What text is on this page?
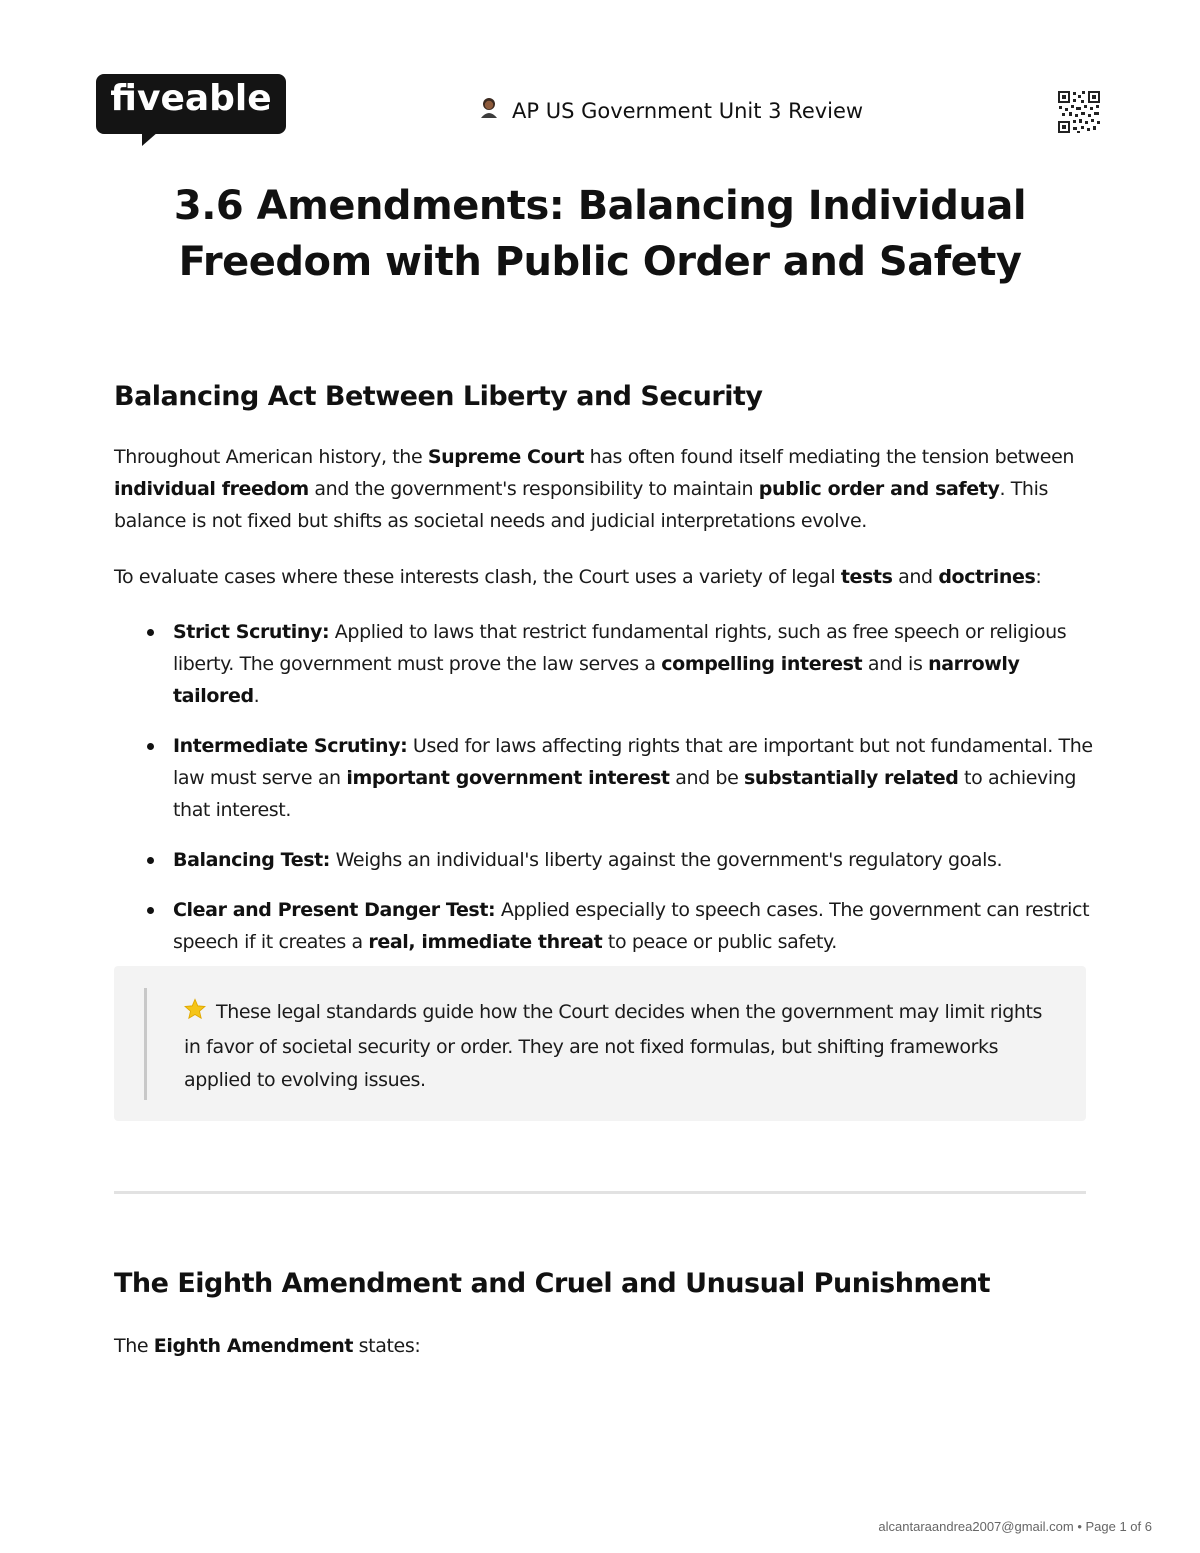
fiveable	AP US Government Unit 3 Review
3.6 Amendments: Balancing Individual
Freedom with Public Order and Safety
Balancing Act Between Liberty and Security
Throughout American history, the Supreme Court has often found itself mediating the tension between individual freedom and the government's responsibility to maintain public order and safety. This balance is not fixed but shifts as societal needs and judicial interpretations evolve.
To evaluate cases where these interests clash, the Court uses a variety of legal tests and doctrines:
Strict Scrutiny: Applied to laws that restrict fundamental rights, such as free speech or religious liberty. The government must prove the law serves a compelling interest and is narrowly tailored.
Intermediate Scrutiny: Used for laws affecting rights that are important but not fundamental. The law must serve an important government interest and be substantially related to achieving that interest.
Balancing Test: Weighs an individual's liberty against the government's regulatory goals.
Clear and Present Danger Test: Applied especially to speech cases. The government can restrict speech if it creates a real, immediate threat to peace or public safety.
These legal standards guide how the Court decides when the government may limit rights in favor of societal security or order. They are not fixed formulas, but shifting frameworks applied to evolving issues.
The Eighth Amendment and Cruel and Unusual Punishment
The Eighth Amendment states:
alcantaraandrea2007@gmail.com • Page 1 of 6
